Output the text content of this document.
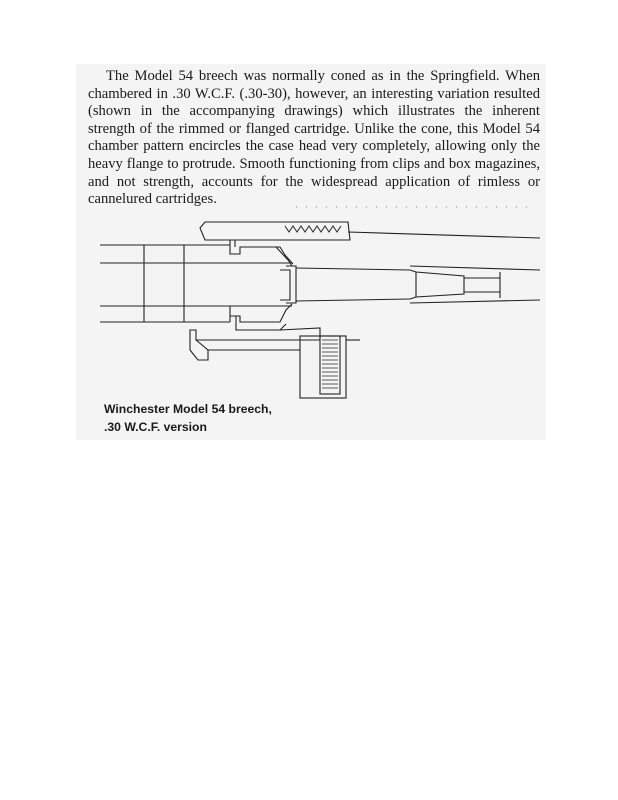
The Model 54 breech was normally coned as in the Springfield. When chambered in .30 W.C.F. (.30-30), however, an interesting variation resulted (shown in the accompanying drawings) which illustrates the inherent strength of the rimmed or flanged cartridge. Unlike the cone, this Model 54 chamber pattern encircles the case head very completely, allowing only the heavy flange to protrude. Smooth functioning from clips and box magazines, and not strength, accounts for the widespread application of rimless or cannelured cartridges.

Winchester Model 54 breech,
.30 W.C.F. version
